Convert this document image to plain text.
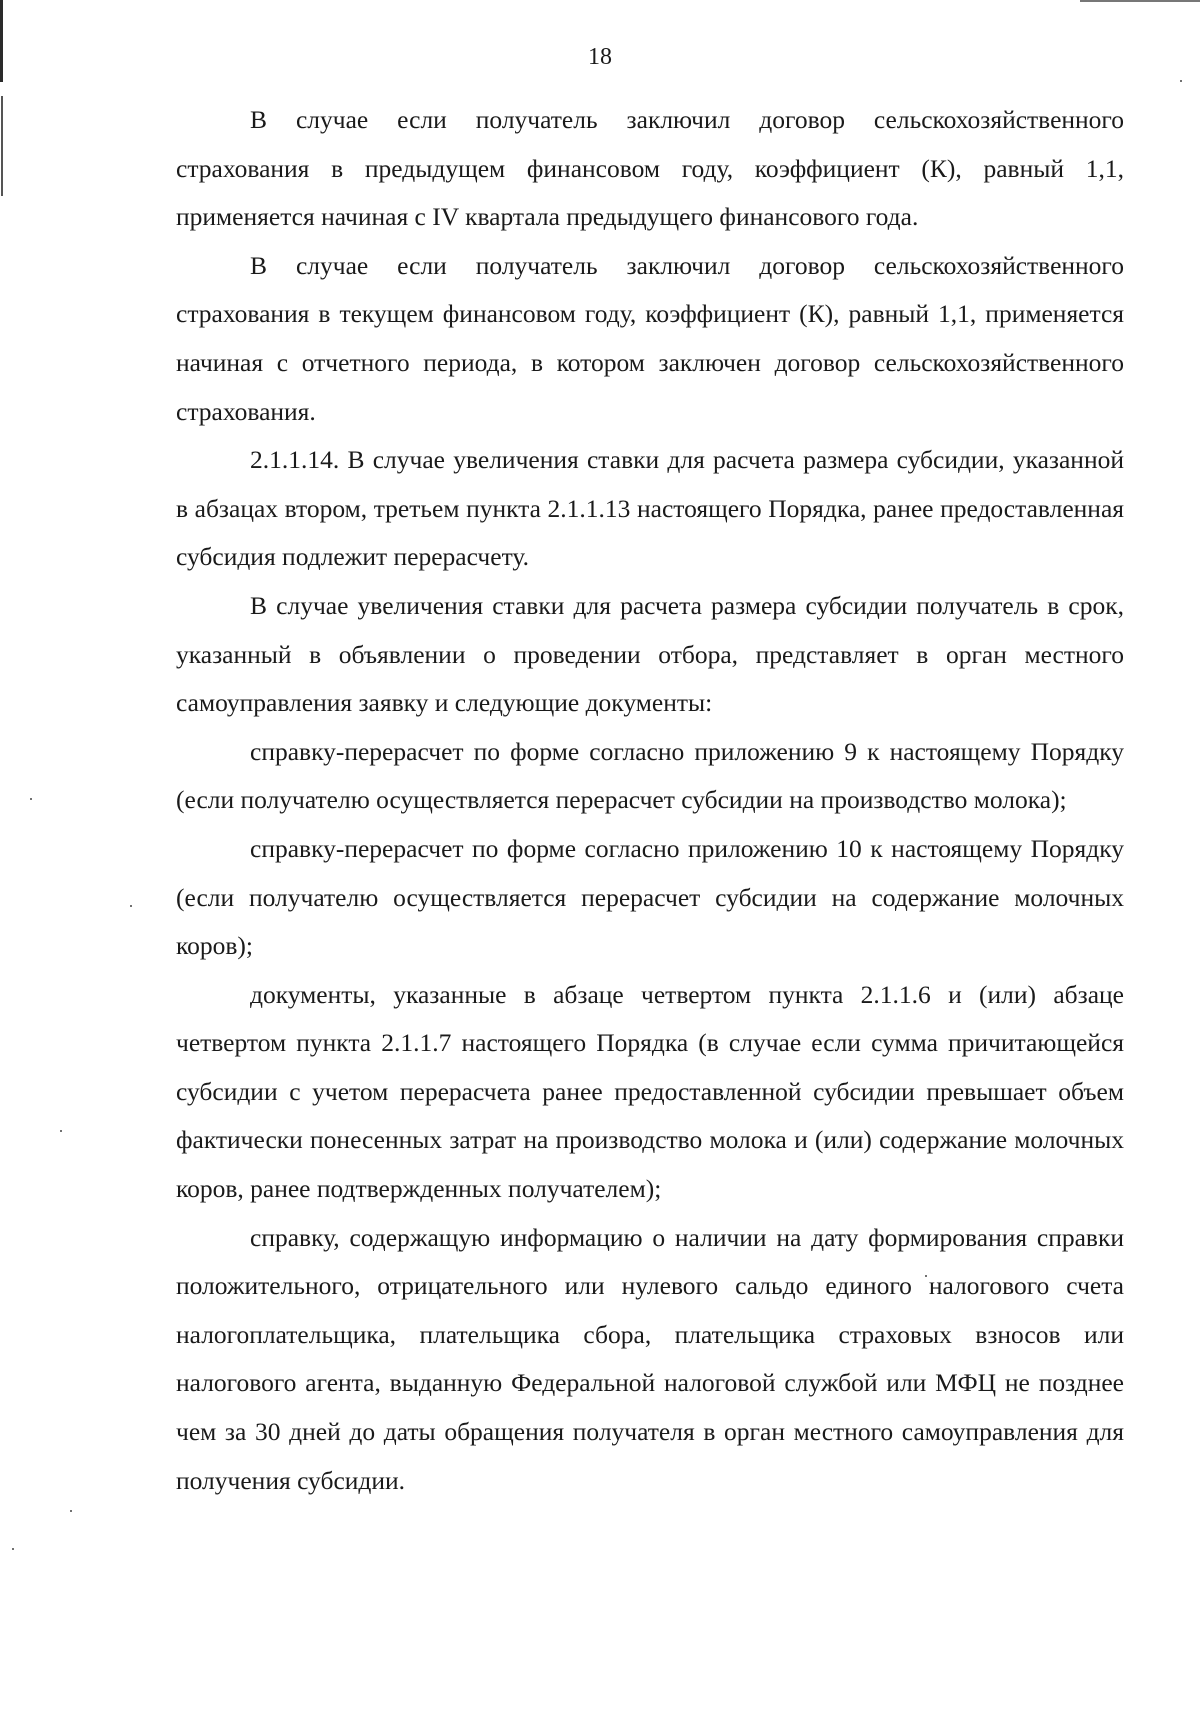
18

В случае если получатель заключил договор сельскохозяйственного страхования в предыдущем финансовом году, коэффициент (К), равный 1,1, применяется начиная с IV квартала предыдущего финансового года.

В случае если получатель заключил договор сельскохозяйственного страхования в текущем финансовом году, коэффициент (К), равный 1,1, применяется начиная с отчетного периода, в котором заключен договор сельскохозяйственного страхования.

2.1.1.14. В случае увеличения ставки для расчета размера субсидии, указанной в абзацах втором, третьем пункта 2.1.1.13 настоящего Порядка, ранее предоставленная субсидия подлежит перерасчету.

В случае увеличения ставки для расчета размера субсидии получатель в срок, указанный в объявлении о проведении отбора, представляет в орган местного самоуправления заявку и следующие документы:

справку-перерасчет по форме согласно приложению 9 к настоящему Порядку (если получателю осуществляется перерасчет субсидии на производство молока);

справку-перерасчет по форме согласно приложению 10 к настоящему Порядку (если получателю осуществляется перерасчет субсидии на содержание молочных коров);

документы, указанные в абзаце четвертом пункта 2.1.1.6 и (или) абзаце четвертом пункта 2.1.1.7 настоящего Порядка (в случае если сумма причитающейся субсидии с учетом перерасчета ранее предоставленной субсидии превышает объем фактически понесенных затрат на производство молока и (или) содержание молочных коров, ранее подтвержденных получателем);

справку, содержащую информацию о наличии на дату формирования справки положительного, отрицательного или нулевого сальдо единого налогового счета налогоплательщика, плательщика сбора, плательщика страховых взносов или налогового агента, выданную Федеральной налоговой службой или МФЦ не позднее чем за 30 дней до даты обращения получателя в орган местного самоуправления для получения субсидии.
